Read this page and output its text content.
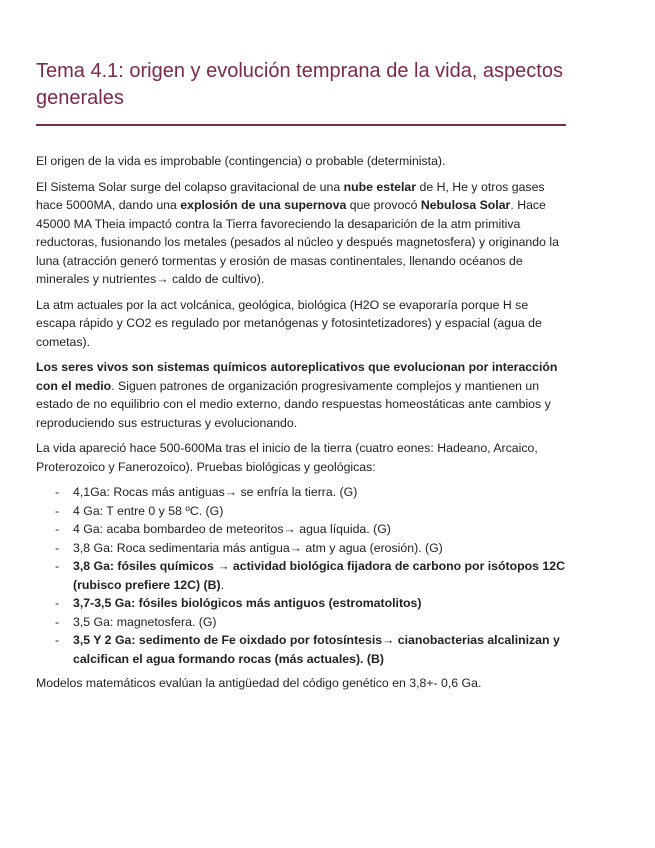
Tema 4.1: origen y evolución temprana de la vida, aspectos generales

El origen de la vida es improbable (contingencia) o probable (determinista).

El Sistema Solar surge del colapso gravitacional de una nube estelar de H, He y otros gases hace 5000MA, dando una explosión de una supernova que provocó Nebulosa Solar. Hace 45000 MA Theia impactó contra la Tierra favoreciendo la desaparición de la atm primitiva reductoras, fusionando los metales (pesados al núcleo y después magnetosfera) y originando la luna (atracción generó tormentas y erosión de masas continentales, llenando océanos de minerales y nutrientes→ caldo de cultivo).

La atm actuales por la act volcánica, geológica, biológica (H2O se evaporaría porque H se escapa rápido y CO2 es regulado por metanógenas y fotosintetizadores) y espacial (agua de cometas).

Los seres vivos son sistemas químicos autoreplicativos que evolucionan por interacción con el medio. Siguen patrones de organización progresivamente complejos y mantienen un estado de no equilibrio con el medio externo, dando respuestas homeostáticas ante cambios y reproduciendo sus estructuras y evolucionando.

La vida apareció hace 500-600Ma tras el inicio de la tierra (cuatro eones: Hadeano, Arcaico, Proterozoico y Fanerozoico). Pruebas biológicas y geológicas:

- 4,1Ga: Rocas más antiguas→ se enfría la tierra. (G)
- 4 Ga: T entre 0 y 58 ºC. (G)
- 4 Ga: acaba bombardeo de meteoritos→ agua líquida. (G)
- 3,8 Ga: Roca sedimentaria más antigua→ atm y agua (erosión). (G)
- 3,8 Ga: fósiles químicos → actividad biológica fijadora de carbono por isótopos 12C (rubisco prefiere 12C) (B).
- 3,7-3,5 Ga: fósiles biológicos más antiguos (estromatolitos)
- 3,5 Ga: magnetosfera. (G)
- 3,5 Y 2 Ga: sedimento de Fe oixdado por fotosíntesis→ cianobacterias alcalinizan y calcifican el agua formando rocas (más actuales). (B)

Modelos matemáticos evalúan la antigüedad del código genético en 3,8+- 0,6 Ga.
